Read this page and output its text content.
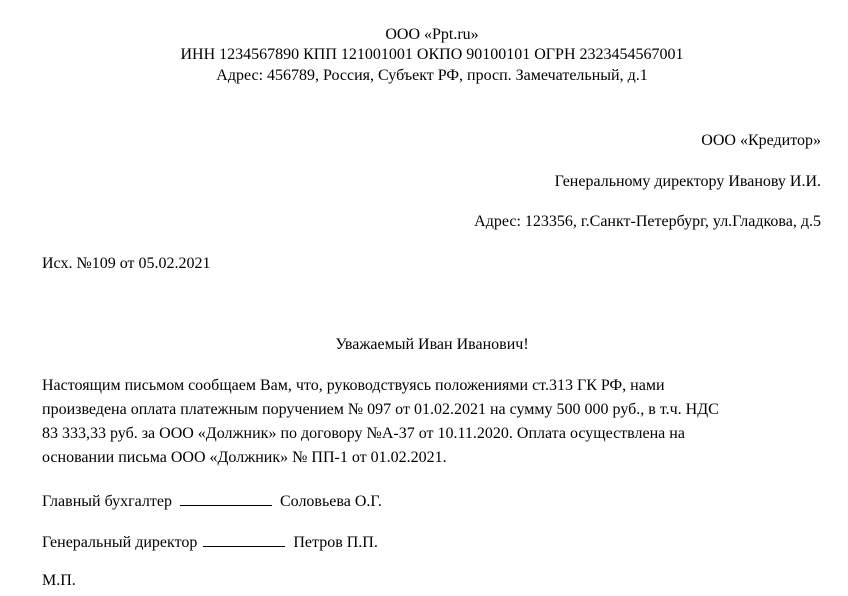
ООО «Ppt.ru»
ИНН 1234567890 КПП 121001001 ОКПО 90100101 ОГРН 2323454567001
Адрес: 456789, Россия, Субъект РФ, просп. Замечательный, д.1
ООО «Кредитор»
Генеральному директору Иванову И.И.
Адрес: 123356, г.Санкт-Петербург, ул.Гладкова, д.5
Исх. №109 от 05.02.2021
Уважаемый Иван Иванович!
Настоящим письмом сообщаем Вам, что, руководствуясь положениями ст.313 ГК РФ, нами
произведена оплата платежным поручением № 097 от 01.02.2021 на сумму 500 000 руб., в т.ч. НДС
83 333,33 руб. за ООО «Должник» по договору №А-37 от 10.11.2020. Оплата осуществлена на
основании письма ООО «Должник» № ПП-1 от 01.02.2021.
Главный бухгалтер	Соловьева О.Г.
Генеральный директор	Петров П.П.
М.П.
